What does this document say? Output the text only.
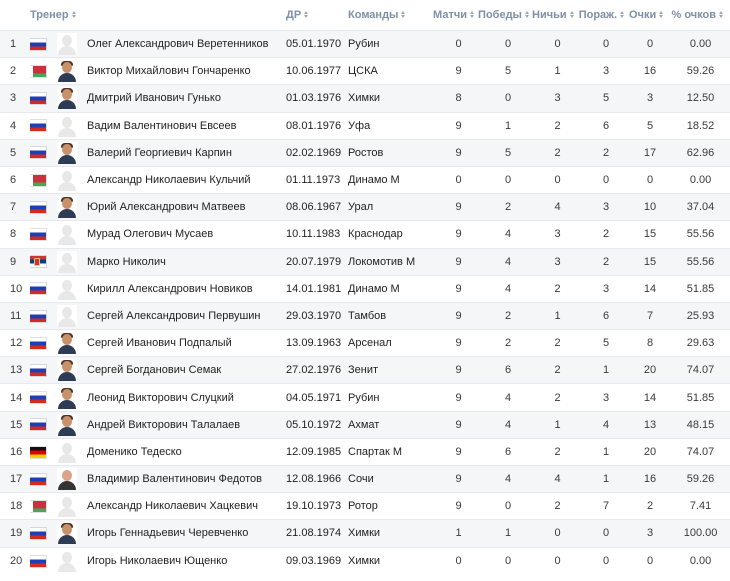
	Тренер			ДР	Команды	Матчи	Победы	Ничьи	Пораж.	Очки	% очков

1			Олег Александрович Веретенников	05.01.1970	Рубин	0	0	0	0	0	0.00
2			Виктор Михайлович Гончаренко	10.06.1977	ЦСКА	9	5	1	3	16	59.26
3			Дмитрий Иванович Гунько	01.03.1976	Химки	8	0	3	5	3	12.50
4			Вадим Валентинович Евсеев	08.01.1976	Уфа	9	1	2	6	5	18.52
5			Валерий Георгиевич Карпин	02.02.1969	Ростов	9	5	2	2	17	62.96
6			Александр Николаевич Кульчий	01.11.1973	Динамо М	0	0	0	0	0	0.00
7			Юрий Александрович Матвеев	08.06.1967	Урал	9	2	4	3	10	37.04
8			Мурад Олегович Мусаев	10.11.1983	Краснодар	9	4	3	2	15	55.56
9			Марко Николич	20.07.1979	Локомотив М	9	4	3	2	15	55.56
10			Кирилл Александрович Новиков	14.01.1981	Динамо М	9	4	2	3	14	51.85
11			Сергей Александрович Первушин	29.03.1970	Тамбов	9	2	1	6	7	25.93
12			Сергей Иванович Подпалый	13.09.1963	Арсенал	9	2	2	5	8	29.63
13			Сергей Богданович Семак	27.02.1976	Зенит	9	6	2	1	20	74.07
14			Леонид Викторович Слуцкий	04.05.1971	Рубин	9	4	2	3	14	51.85
15			Андрей Викторович Талалаев	05.10.1972	Ахмат	9	4	1	4	13	48.15
16			Доменико Тедеско	12.09.1985	Спартак М	9	6	2	1	20	74.07
17			Владимир Валентинович Федотов	12.08.1966	Сочи	9	4	4	1	16	59.26
18			Александр Николаевич Хацкевич	19.10.1973	Ротор	9	0	2	7	2	7.41
19			Игорь Геннадьевич Черевченко	21.08.1974	Химки	1	1	0	0	3	100.00
20			Игорь Николаевич Ющенко	09.03.1969	Химки	0	0	0	0	0	0.00
